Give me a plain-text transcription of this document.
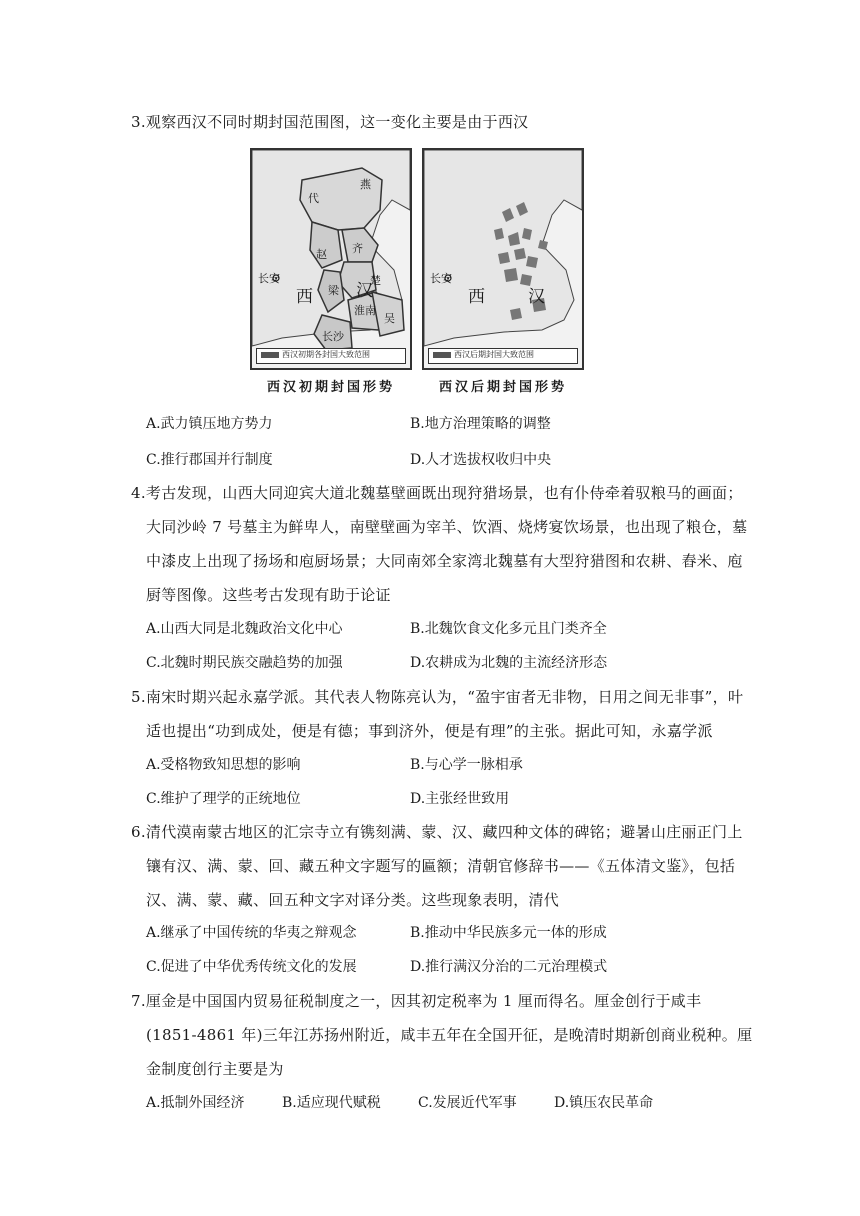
3.观察西汉不同时期封国范围图，这一变化主要是由于西汉
代
燕
赵 齐
梁
淮南
长沙
吴
楚
长安
西	汉
西汉初期各封国大致范围
西汉初期封国形势
长安
西	汉
西汉后期封国大致范围
西汉后期封国形势
A.武力镇压地方势力	B.地方治理策略的调整
C.推行郡国并行制度	D.人才选拔权收归中央
4.考古发现，山西大同迎宾大道北魏墓壁画既出现狩猎场景，也有仆侍牵着驭粮马的画面；
大同沙岭 7 号墓主为鲜卑人，南壁壁画为宰羊、饮酒、烧烤宴饮场景，也出现了粮仓，墓
中漆皮上出现了扬场和庖厨场景；大同南郊全家湾北魏墓有大型狩猎图和农耕、舂米、庖
厨等图像。这些考古发现有助于论证
A.山西大同是北魏政治文化中心	B.北魏饮食文化多元且门类齐全
C.北魏时期民族交融趋势的加强	D.农耕成为北魏的主流经济形态
5.南宋时期兴起永嘉学派。其代表人物陈亮认为，“盈宇宙者无非物，日用之间无非事”，叶
适也提出“功到成处，便是有德；事到济外，便是有理”的主张。据此可知，永嘉学派
A.受格物致知思想的影响	B.与心学一脉相承
C.维护了理学的正统地位	D.主张经世致用
6.清代漠南蒙古地区的汇宗寺立有镌刻满、蒙、汉、藏四种文体的碑铭；避暑山庄丽正门上
镶有汉、满、蒙、回、藏五种文字题写的匾额；清朝官修辞书——《五体清文鉴》，包括
汉、满、蒙、藏、回五种文字对译分类。这些现象表明，清代
A.继承了中国传统的华夷之辩观念	B.推动中华民族多元一体的形成
C.促进了中华优秀传统文化的发展	D.推行满汉分治的二元治理模式
7.厘金是中国国内贸易征税制度之一，因其初定税率为 1 厘而得名。厘金创行于咸丰
(1851-4861 年)三年江苏扬州附近，咸丰五年在全国开征，是晚清时期新创商业税种。厘
金制度创行主要是为
A.抵制外国经济	B.适应现代赋税	C.发展近代军事	D.镇压农民革命
